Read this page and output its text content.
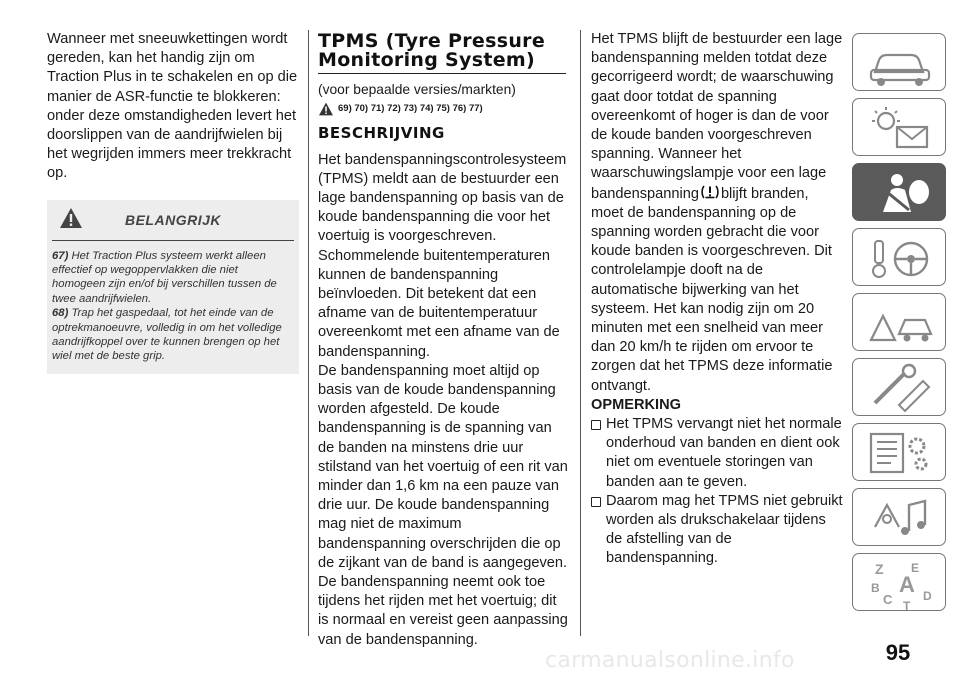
Wanneer met sneeuwkettingen wordt gereden, kan het handig zijn om Traction Plus in te schakelen en op die manier de ASR-functie te blokkeren: onder deze omstandigheden levert het doorslippen van de aandrijfwielen bij het wegrijden immers meer trekkracht op.

BELANGRIJK

67) Het Traction Plus systeem werkt alleen effectief op wegoppervlakken die niet homogeen zijn en/of bij verschillen tussen de twee aandrijfwielen.

68) Trap het gaspedaal, tot het einde van de optrekmanoeuvre, volledig in om het volledige aandrijfkoppel over te kunnen brengen op het wiel met de beste grip.

TPMS (Tyre Pressure Monitoring System)

(voor bepaalde versies/markten)

69) 70) 71) 72) 73) 74) 75) 76) 77)
BESCHRIJVING

Het bandenspanningscontrolesysteem (TPMS) meldt aan de bestuurder een lage bandenspanning op basis van de koude bandenspanning die voor het voertuig is voorgeschreven. Schommelende buitentemperaturen kunnen de bandenspanning beïnvloeden. Dit betekent dat een afname van de buitentemperatuur overeenkomt met een afname van de bandenspanning.

De bandenspanning moet altijd op basis van de koude bandenspanning worden afgesteld. De koude bandenspanning is de spanning van de banden na minstens drie uur stilstand van het voertuig of een rit van minder dan 1,6 km na een pauze van drie uur. De koude bandenspanning mag niet de maximum bandenspanning overschrijden die op de zijkant van de band is aangegeven.

De bandenspanning neemt ook toe tijdens het rijden met het voertuig; dit is normaal en vereist geen aanpassing van de bandenspanning.

Het TPMS blijft de bestuurder een lage bandenspanning melden totdat deze gecorrigeerd wordt; de waarschuwing gaat door totdat de spanning overeenkomt of hoger is dan de voor de koude banden voorgeschreven spanning. Wanneer het waarschuwingslampje voor een lage bandenspanning blijft branden, moet de bandenspanning op de spanning worden gebracht die voor koude banden is voorgeschreven. Dit controlelampje dooft na de automatische bijwerking van het systeem. Het kan nodig zijn om 20 minuten met een snelheid van meer dan 20 km/h te rijden om ervoor te zorgen dat het TPMS deze informatie ontvangt.

OPMERKING

Het TPMS vervangt niet het normale onderhoud van banden en dient ook niet om eventuele storingen van banden aan te geven.

Daarom mag het TPMS niet gebruikt worden als drukschakelaar tijdens de afstelling van de bandenspanning.

Z E
B A
C	D
T
carmanualsonline.info	95
